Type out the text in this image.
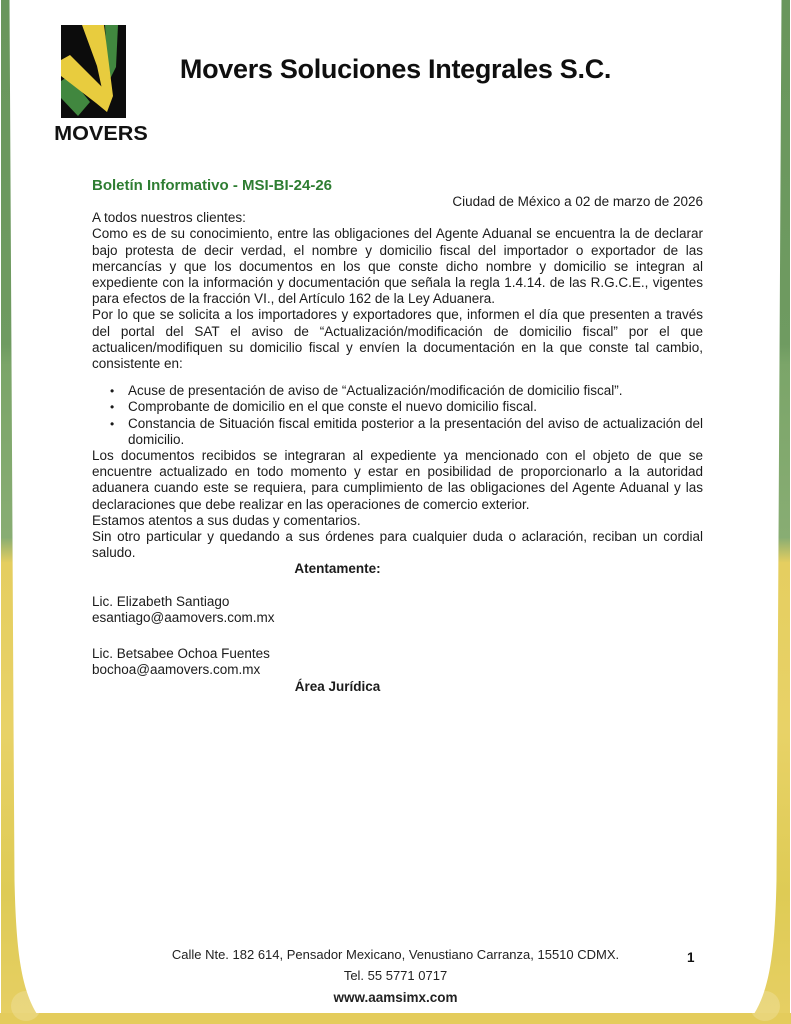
MOVERS
Movers Soluciones Integrales S.C.
Boletín Informativo - MSI-BI-24-26

Ciudad de México a 02 de marzo de 2026

A todos nuestros clientes:

Como es de su conocimiento, entre las obligaciones del Agente Aduanal se encuentra la de declarar bajo protesta de decir verdad, el nombre y domicilio fiscal del importador o exportador de las mercancías y que los documentos en los que conste dicho nombre y domicilio se integran al expediente con la información y documentación que señala la regla 1.4.14. de las R.G.C.E., vigentes para efectos de la fracción VI., del Artículo 162 de la Ley Aduanera.

Por lo que se solicita a los importadores y exportadores que, informen el día que presenten a través del portal del SAT el aviso de “Actualización/modificación de domicilio fiscal” por el que actualicen/modifiquen su domicilio fiscal y envíen la documentación en la que conste tal cambio, consistente en:

• Acuse de presentación de aviso de “Actualización/modificación de domicilio fiscal”.
• Comprobante de domicilio en el que conste el nuevo domicilio fiscal.
• Constancia de Situación fiscal emitida posterior a la presentación del aviso de actualización del domicilio.

Los documentos recibidos se integraran al expediente ya mencionado con el objeto de que se encuentre actualizado en todo momento y estar en posibilidad de proporcionarlo a la autoridad aduanera cuando este se requiera, para cumplimiento de las obligaciones del Agente Aduanal y las declaraciones que debe realizar en las operaciones de comercio exterior.

Estamos atentos a sus dudas y comentarios.

Sin otro particular y quedando a sus órdenes para cualquier duda o aclaración, reciban un cordial saludo.

Atentamente:

Lic. Elizabeth Santiago
esantiago@aamovers.com.mx
Lic. Betsabee Ochoa Fuentes
bochoa@aamovers.com.mx

Área Jurídica

Calle Nte. 182 614, Pensador Mexicano, Venustiano Carranza, 15510 CDMX.
Tel. 55 5771 0717
www.aamsimx.com
1
